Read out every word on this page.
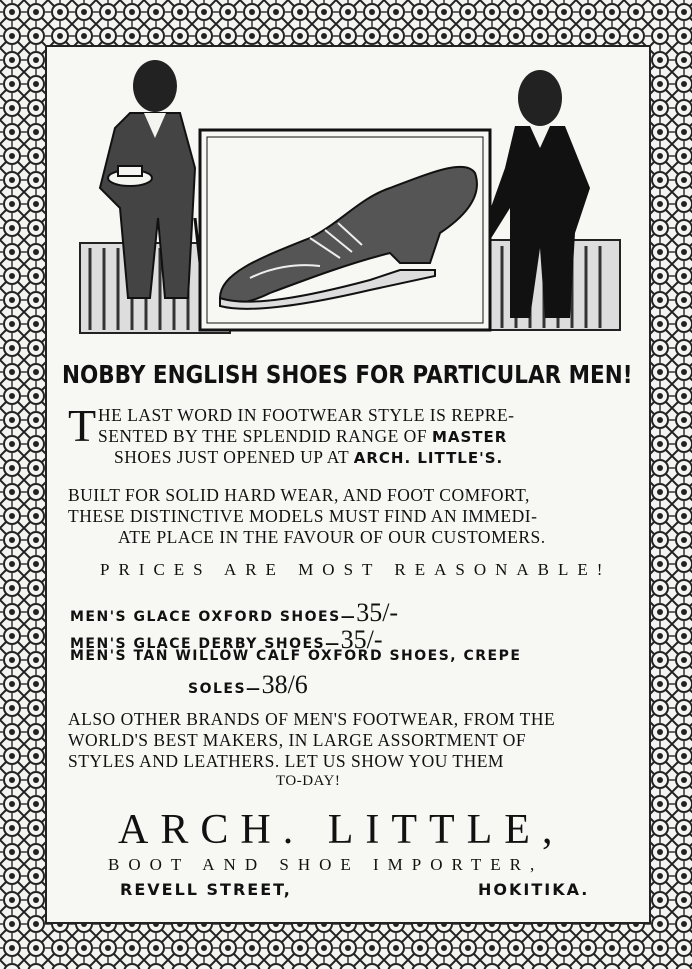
NOBBY ENGLISH SHOES FOR PARTICULAR MEN!
T HE LAST WORD IN FOOTWEAR STYLE IS REPRE-
SENTED BY THE SPLENDID RANGE OF MASTER
SHOES JUST OPENED UP AT ARCH. LITTLE'S.
BUILT FOR SOLID HARD WEAR, AND FOOT COMFORT,
THESE DISTINCTIVE MODELS MUST FIND AN IMMEDI-
ATE PLACE IN THE FAVOUR OF OUR CUSTOMERS.
PRICES ARE MOST REASONABLE!
MEN'S GLACE OXFORD SHOES—35/-
MEN'S GLACE DERBY SHOES—35/-
MEN'S TAN WILLOW CALF OXFORD SHOES, CREPE
SOLES—38/6
ALSO OTHER BRANDS OF MEN'S FOOTWEAR, FROM THE
WORLD'S BEST MAKERS, IN LARGE ASSORTMENT OF
STYLES AND LEATHERS. LET US SHOW YOU THEM
TO-DAY!
ARCH. LITTLE,
BOOT AND SHOE IMPORTER,
REVELL STREET,	HOKITIKA.
